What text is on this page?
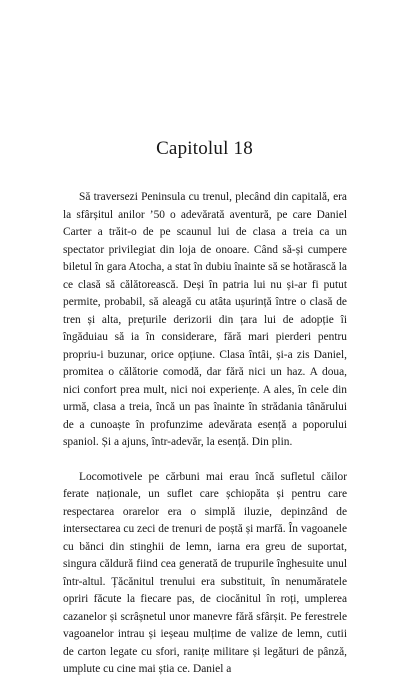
Capitolul 18

Să traversezi Peninsula cu trenul, plecând din capitală, era la sfârșitul anilor ’50 o adevărată aventură, pe care Daniel Carter a trăit-o de pe scaunul lui de clasa a treia ca un spectator privilegiat din loja de onoare. Când să-și cumpere biletul în gara Atocha, a stat în dubiu înainte să se hotărască la ce clasă să călătorească. Deși în patria lui nu și-ar fi putut permite, probabil, să aleagă cu atâta ușurință între o clasă de tren și alta, prețurile derizorii din țara lui de adopție îi îngăduiau să ia în considerare, fără mari pierderi pentru propriu-i buzunar, orice opțiune. Clasa întâi, și-a zis Daniel, promitea o călătorie comodă, dar fără nici un haz. A doua, nici confort prea mult, nici noi experiențe. A ales, în cele din urmă, clasa a treia, încă un pas înainte în strădania tânărului de a cunoaște în profunzime adevărata esență a poporului spaniol. Și a ajuns, într-adevăr, la esență. Din plin.

Locomotivele pe cărbuni mai erau încă sufletul căilor ferate naționale, un suflet care șchiopăta și pentru care respectarea orarelor era o simplă iluzie, depinzând de intersectarea cu zeci de trenuri de poștă și marfă. În vagoanele cu bănci din stinghii de lemn, iarna era greu de suportat, singura căldură fiind cea generată de trupurile înghesuite unul într-altul. Țăcănitul trenului era substituit, în nenumăratele opriri făcute la fiecare pas, de ciocănitul în roți, umplerea cazanelor și scrâșnetul unor manevre fără sfârșit. Pe ferestrele vagoanelor intrau și ieșeau mulțime de valize de lemn, cutii de carton legate cu sfori, ranițe militare și legături de pânză, umplute cu cine mai știa ce. Daniel a
